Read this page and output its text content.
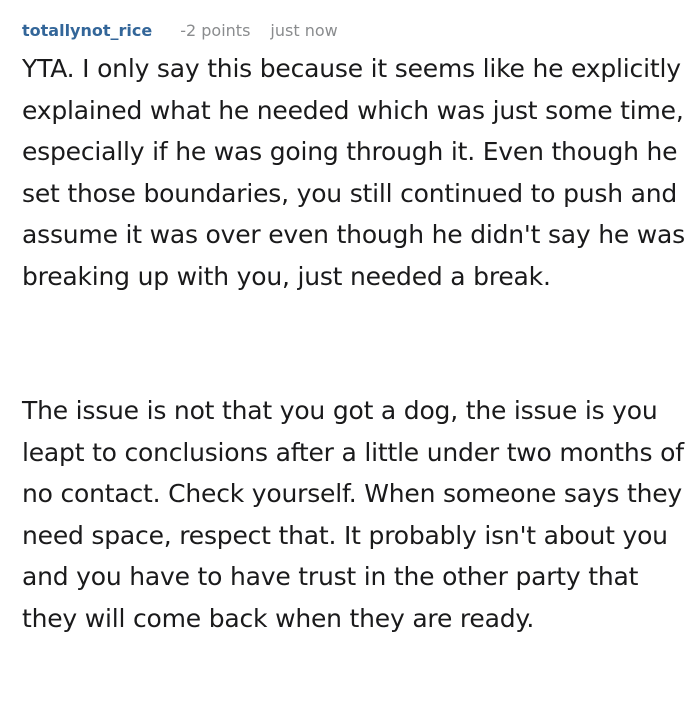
totallynot_rice -2 points just now

YTA. I only say this because it seems like he explicitly explained what he needed which was just some time, especially if he was going through it. Even though he set those boundaries, you still continued to push and assume it was over even though he didn't say he was breaking up with you, just needed a break.

The issue is not that you got a dog, the issue is you leapt to conclusions after a little under two months of no contact. Check yourself. When someone says they need space, respect that. It probably isn't about you and you have to have trust in the other party that they will come back when they are ready.
